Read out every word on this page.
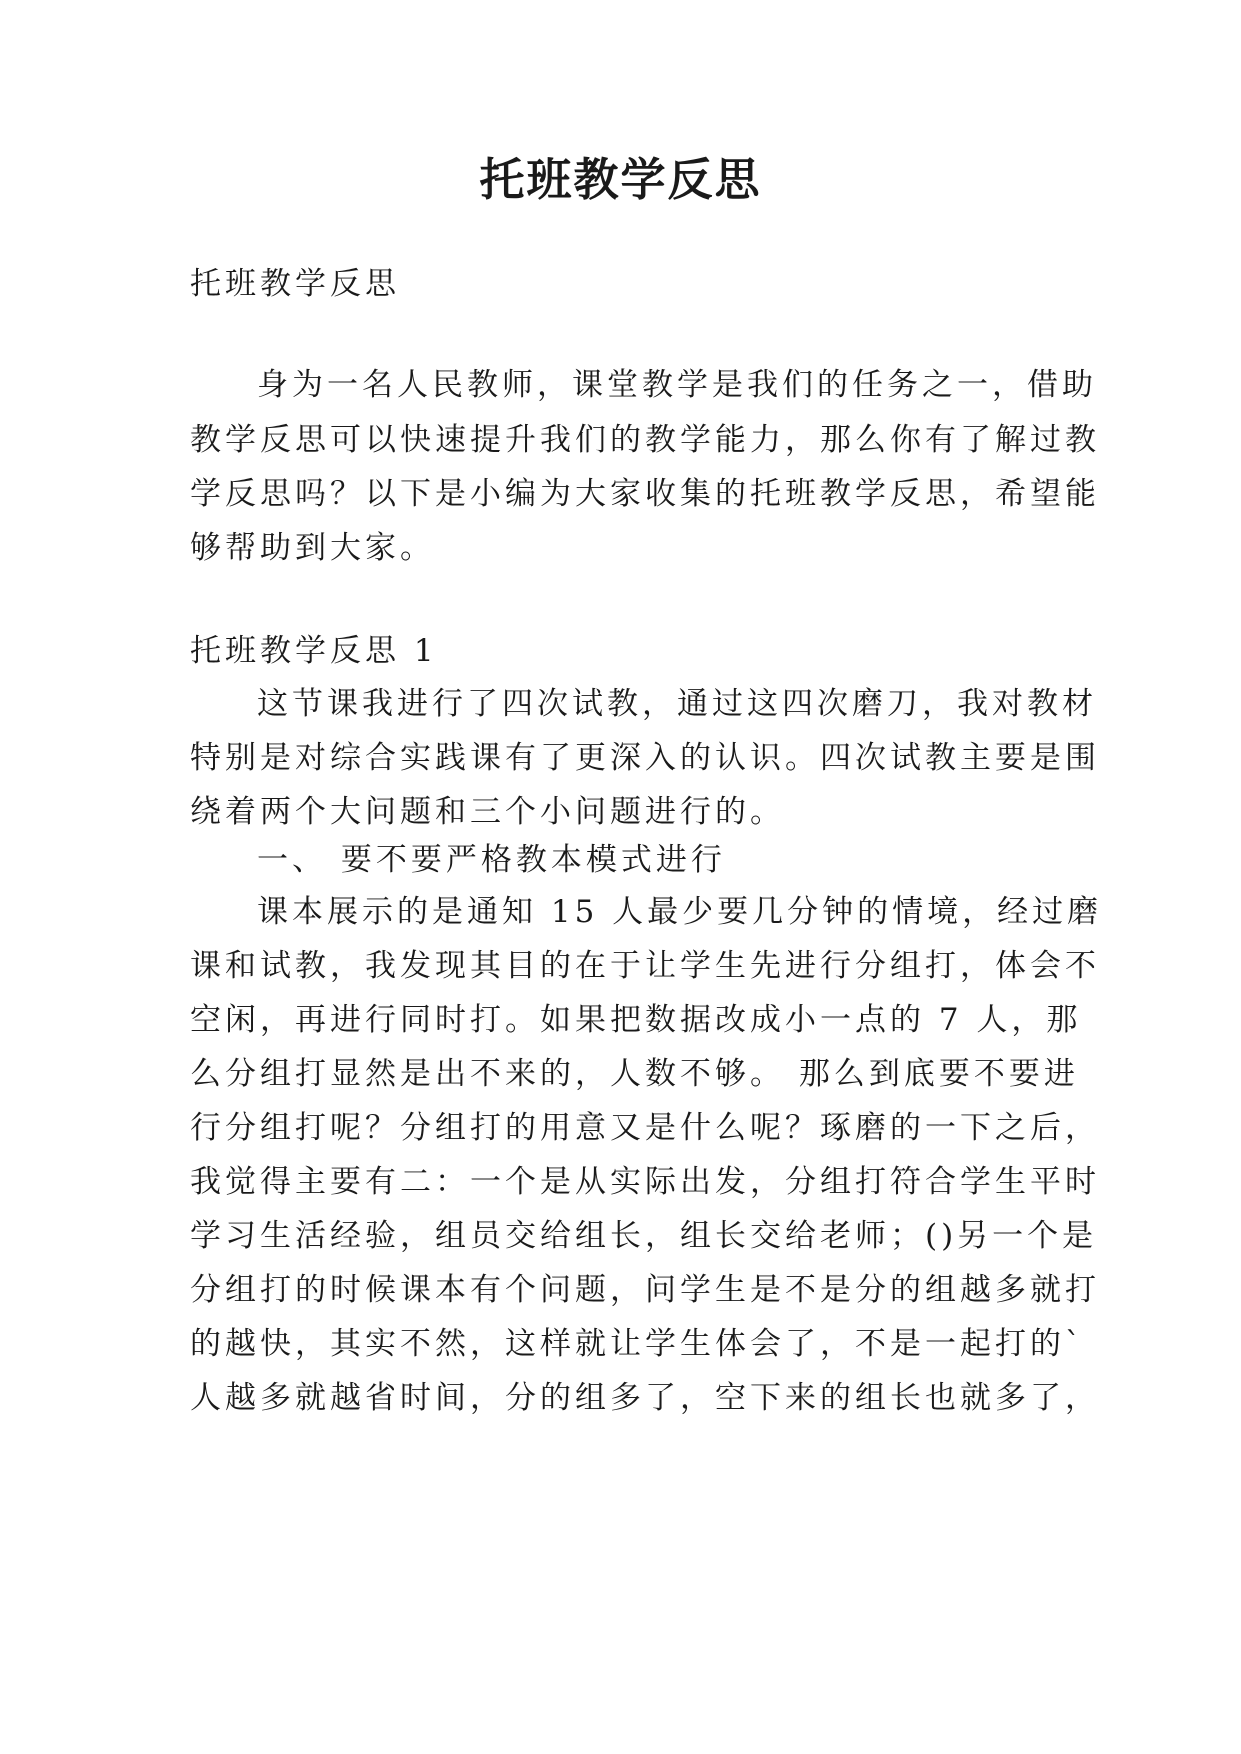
托班教学反思

托班教学反思

身为一名人民教师，课堂教学是我们的任务之一，借助

教学反思可以快速提升我们的教学能力，那么你有了解过教

学反思吗？以下是小编为大家收集的托班教学反思，希望能

够帮助到大家。

托班教学反思 1

这节课我进行了四次试教，通过这四次磨刀，我对教材

特别是对综合实践课有了更深入的认识。四次试教主要是围

绕着两个大问题和三个小问题进行的。

一、 要不要严格教本模式进行

课本展示的是通知 15 人最少要几分钟的情境，经过磨

课和试教，我发现其目的在于让学生先进行分组打，体会不

空闲，再进行同时打。如果把数据改成小一点的 7 人，那

么分组打显然是出不来的，人数不够。 那么到底要不要进

行分组打呢？分组打的用意又是什么呢？琢磨的一下之后，

我觉得主要有二：一个是从实际出发，分组打符合学生平时

学习生活经验，组员交给组长，组长交给老师；()另一个是

分组打的时候课本有个问题，问学生是不是分的组越多就打

的越快，其实不然，这样就让学生体会了，不是一起打的`

人越多就越省时间，分的组多了，空下来的组长也就多了，
